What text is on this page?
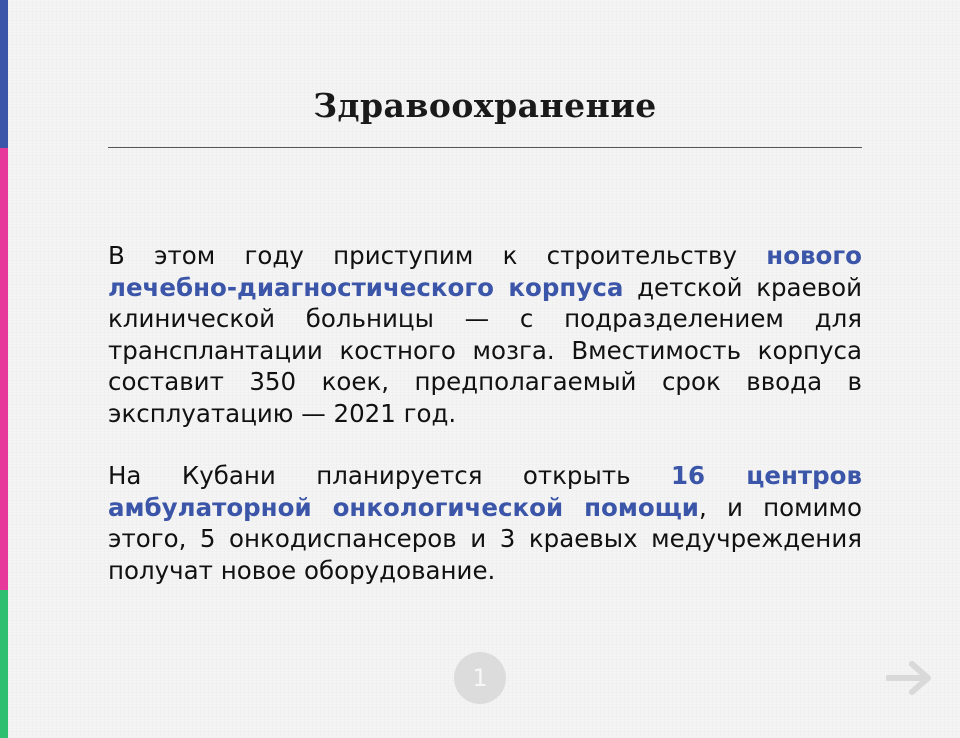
Здравоохранение

В этом году приступим к строительству нового лечебно-диагностического корпуса детской краевой клинической больницы — с подразделением для трансплантации костного мозга. Вместимость корпуса составит 350 коек, предполагаемый срок ввода в эксплуатацию — 2021 год.

На Кубани планируется открыть 16 центров амбулаторной онкологической помощи, и помимо этого, 5 онкодиспансеров и 3 краевых медучреждения получат новое оборудование.

1
